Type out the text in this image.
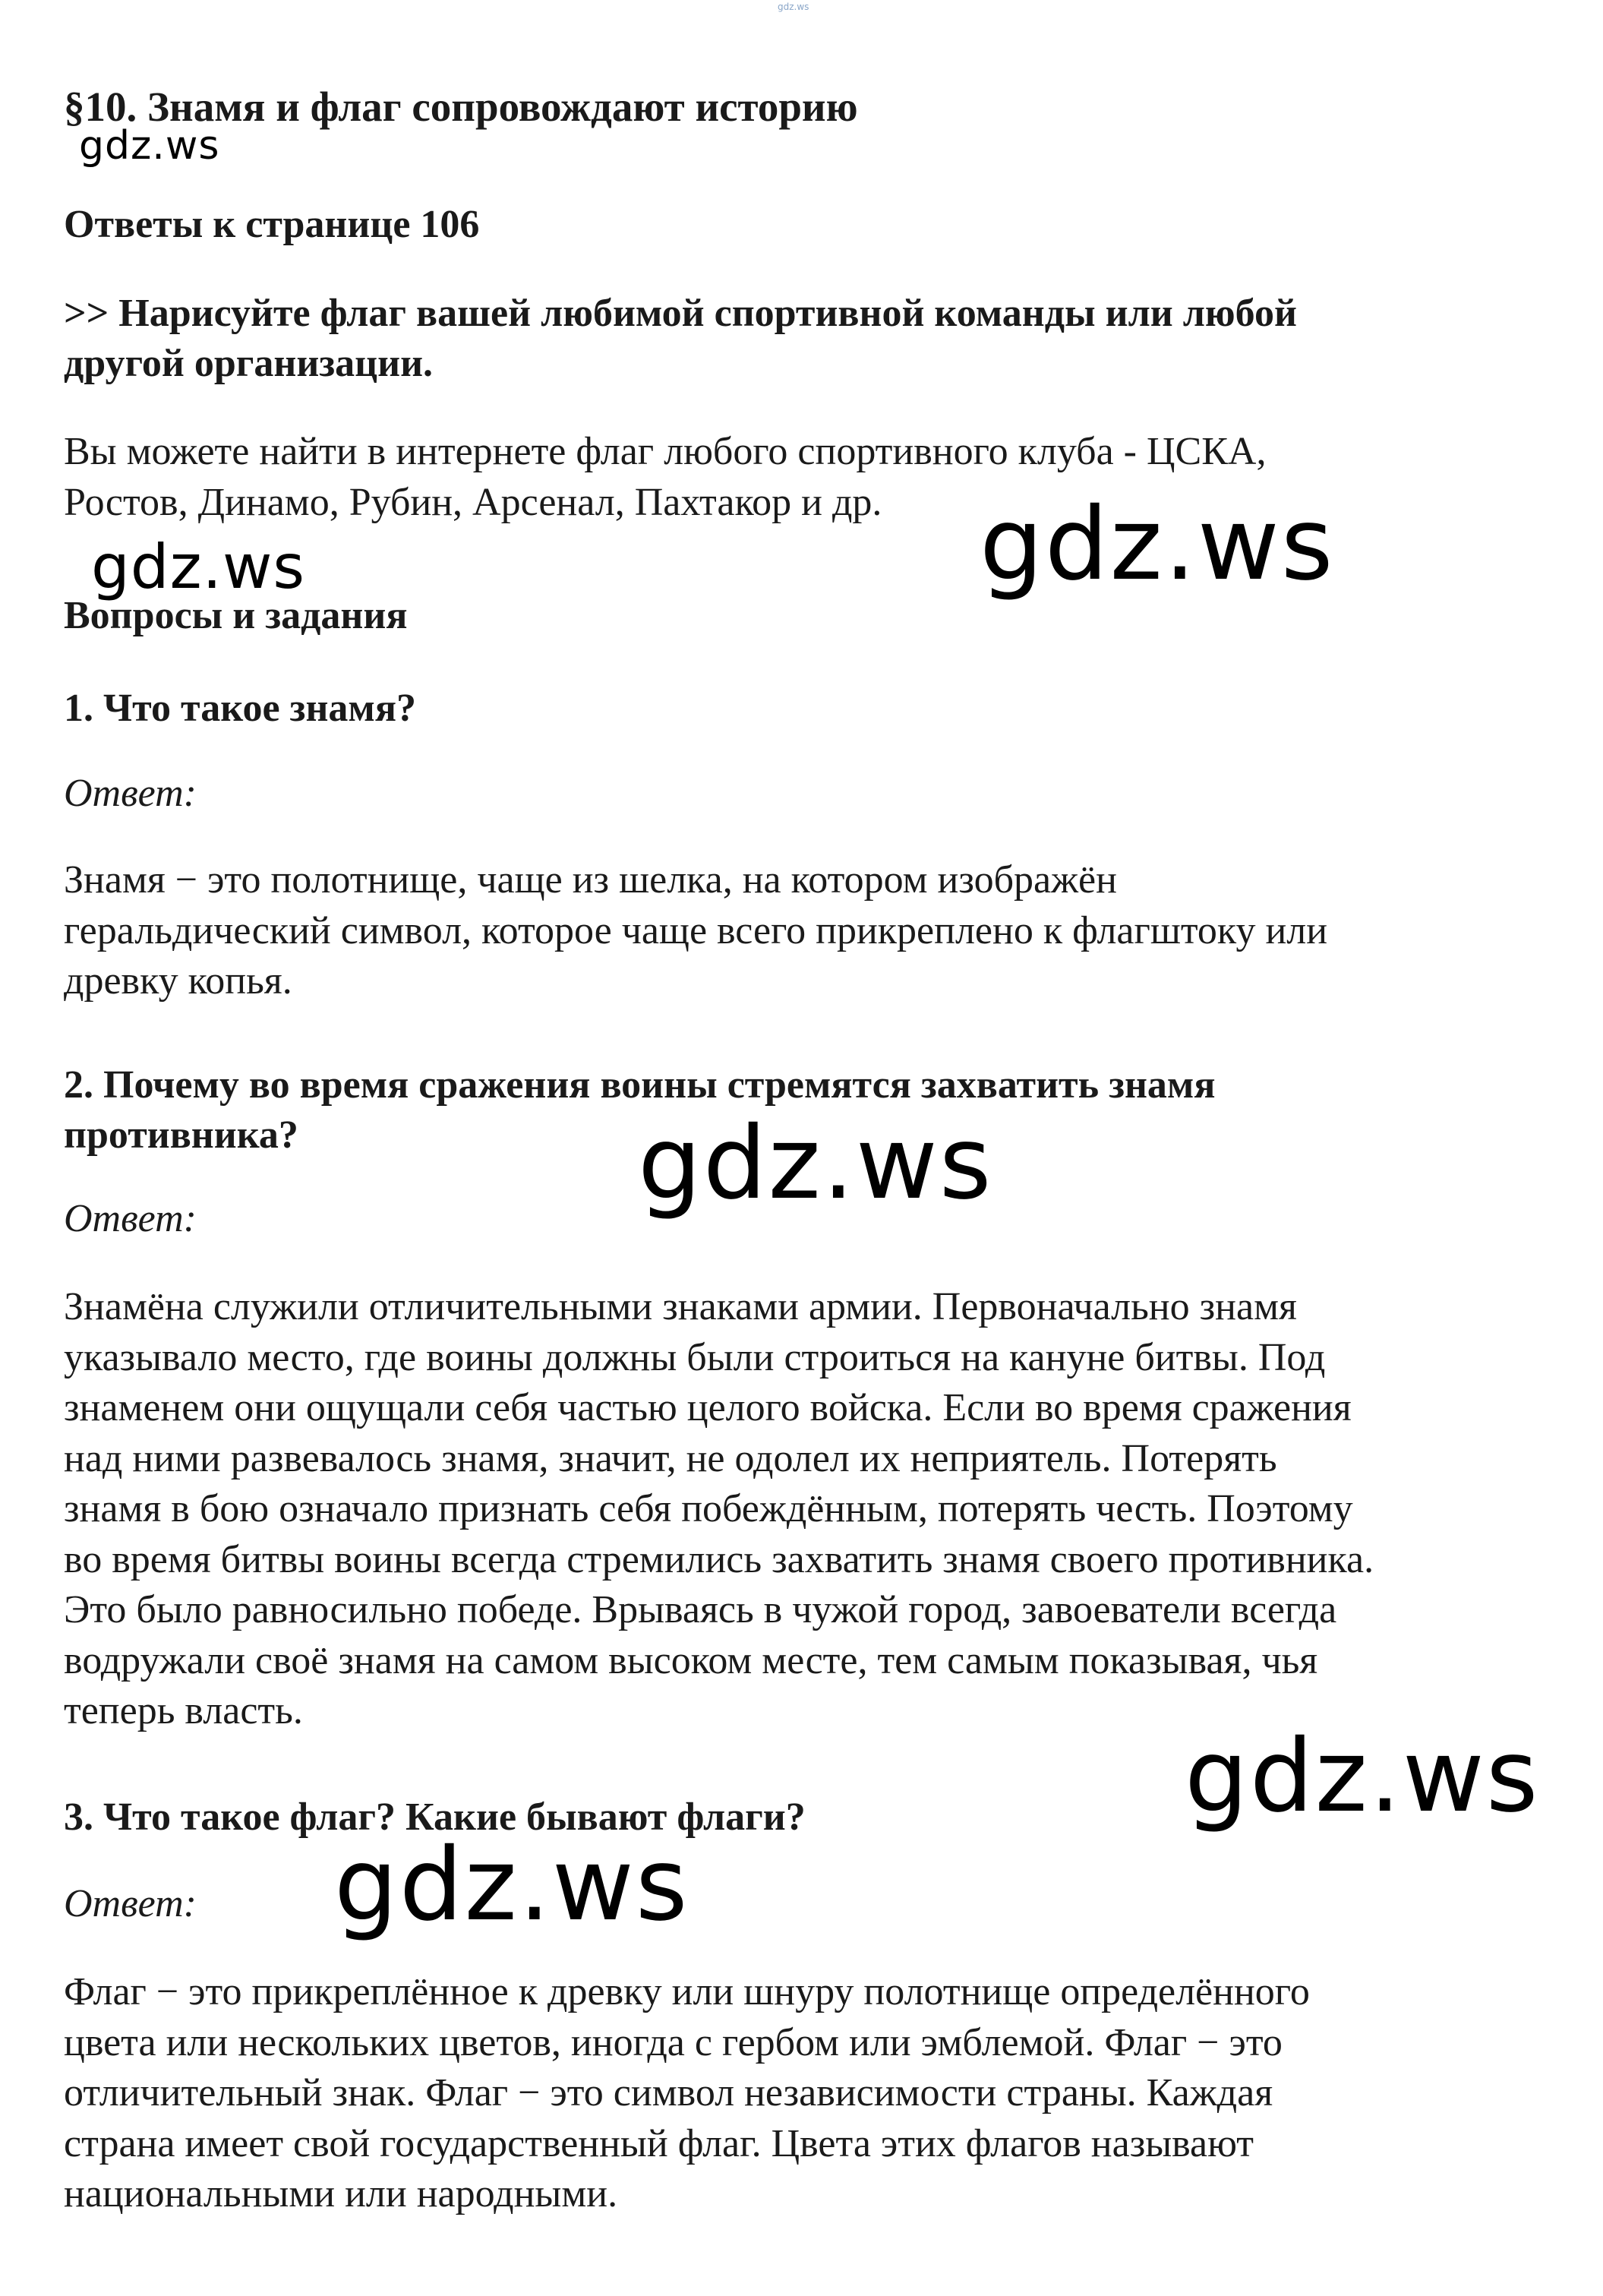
gdz.ws
§10. Знамя и флаг сопровождают историю
Ответы к странице 106
>> Нарисуйте флаг вашей любимой спортивной команды или любой
другой организации.
Вы можете найти в интернете флаг любого спортивного клуба - ЦСКА,
Ростов, Динамо, Рубин, Арсенал, Пахтакор и др.
Вопросы и задания
1. Что такое знамя?
Ответ:
Знамя − это полотнище, чаще из шелка, на котором изображён
геральдический символ, которое чаще всего прикреплено к флагштоку или
древку копья.
2. Почему во время сражения воины стремятся захватить знамя
противника?
Ответ:
Знамёна служили отличительными знаками армии. Первоначально знамя
указывало место, где воины должны были строиться на кануне битвы. Под
знаменем они ощущали себя частью целого войска. Если во время сражения
над ними развевалось знамя, значит, не одолел их неприятель. Потерять
знамя в бою означало признать себя побеждённым, потерять честь. Поэтому
во время битвы воины всегда стремились захватить знамя своего противника.
Это было равносильно победе. Врываясь в чужой город, завоеватели всегда
водружали своё знамя на самом высоком месте, тем самым показывая, чья
теперь власть.
3. Что такое флаг? Какие бывают флаги?
Ответ:
Флаг − это прикреплённое к древку или шнуру полотнище определённого
цвета или нескольких цветов, иногда с гербом или эмблемой. Флаг − это
отличительный знак. Флаг − это символ независимости страны. Каждая
страна имеет свой государственный флаг. Цвета этих флагов называют
национальными или народными.
gdz.ws
gdz.ws	gdz.ws
gdz.ws
gdz.ws
gdz.ws
